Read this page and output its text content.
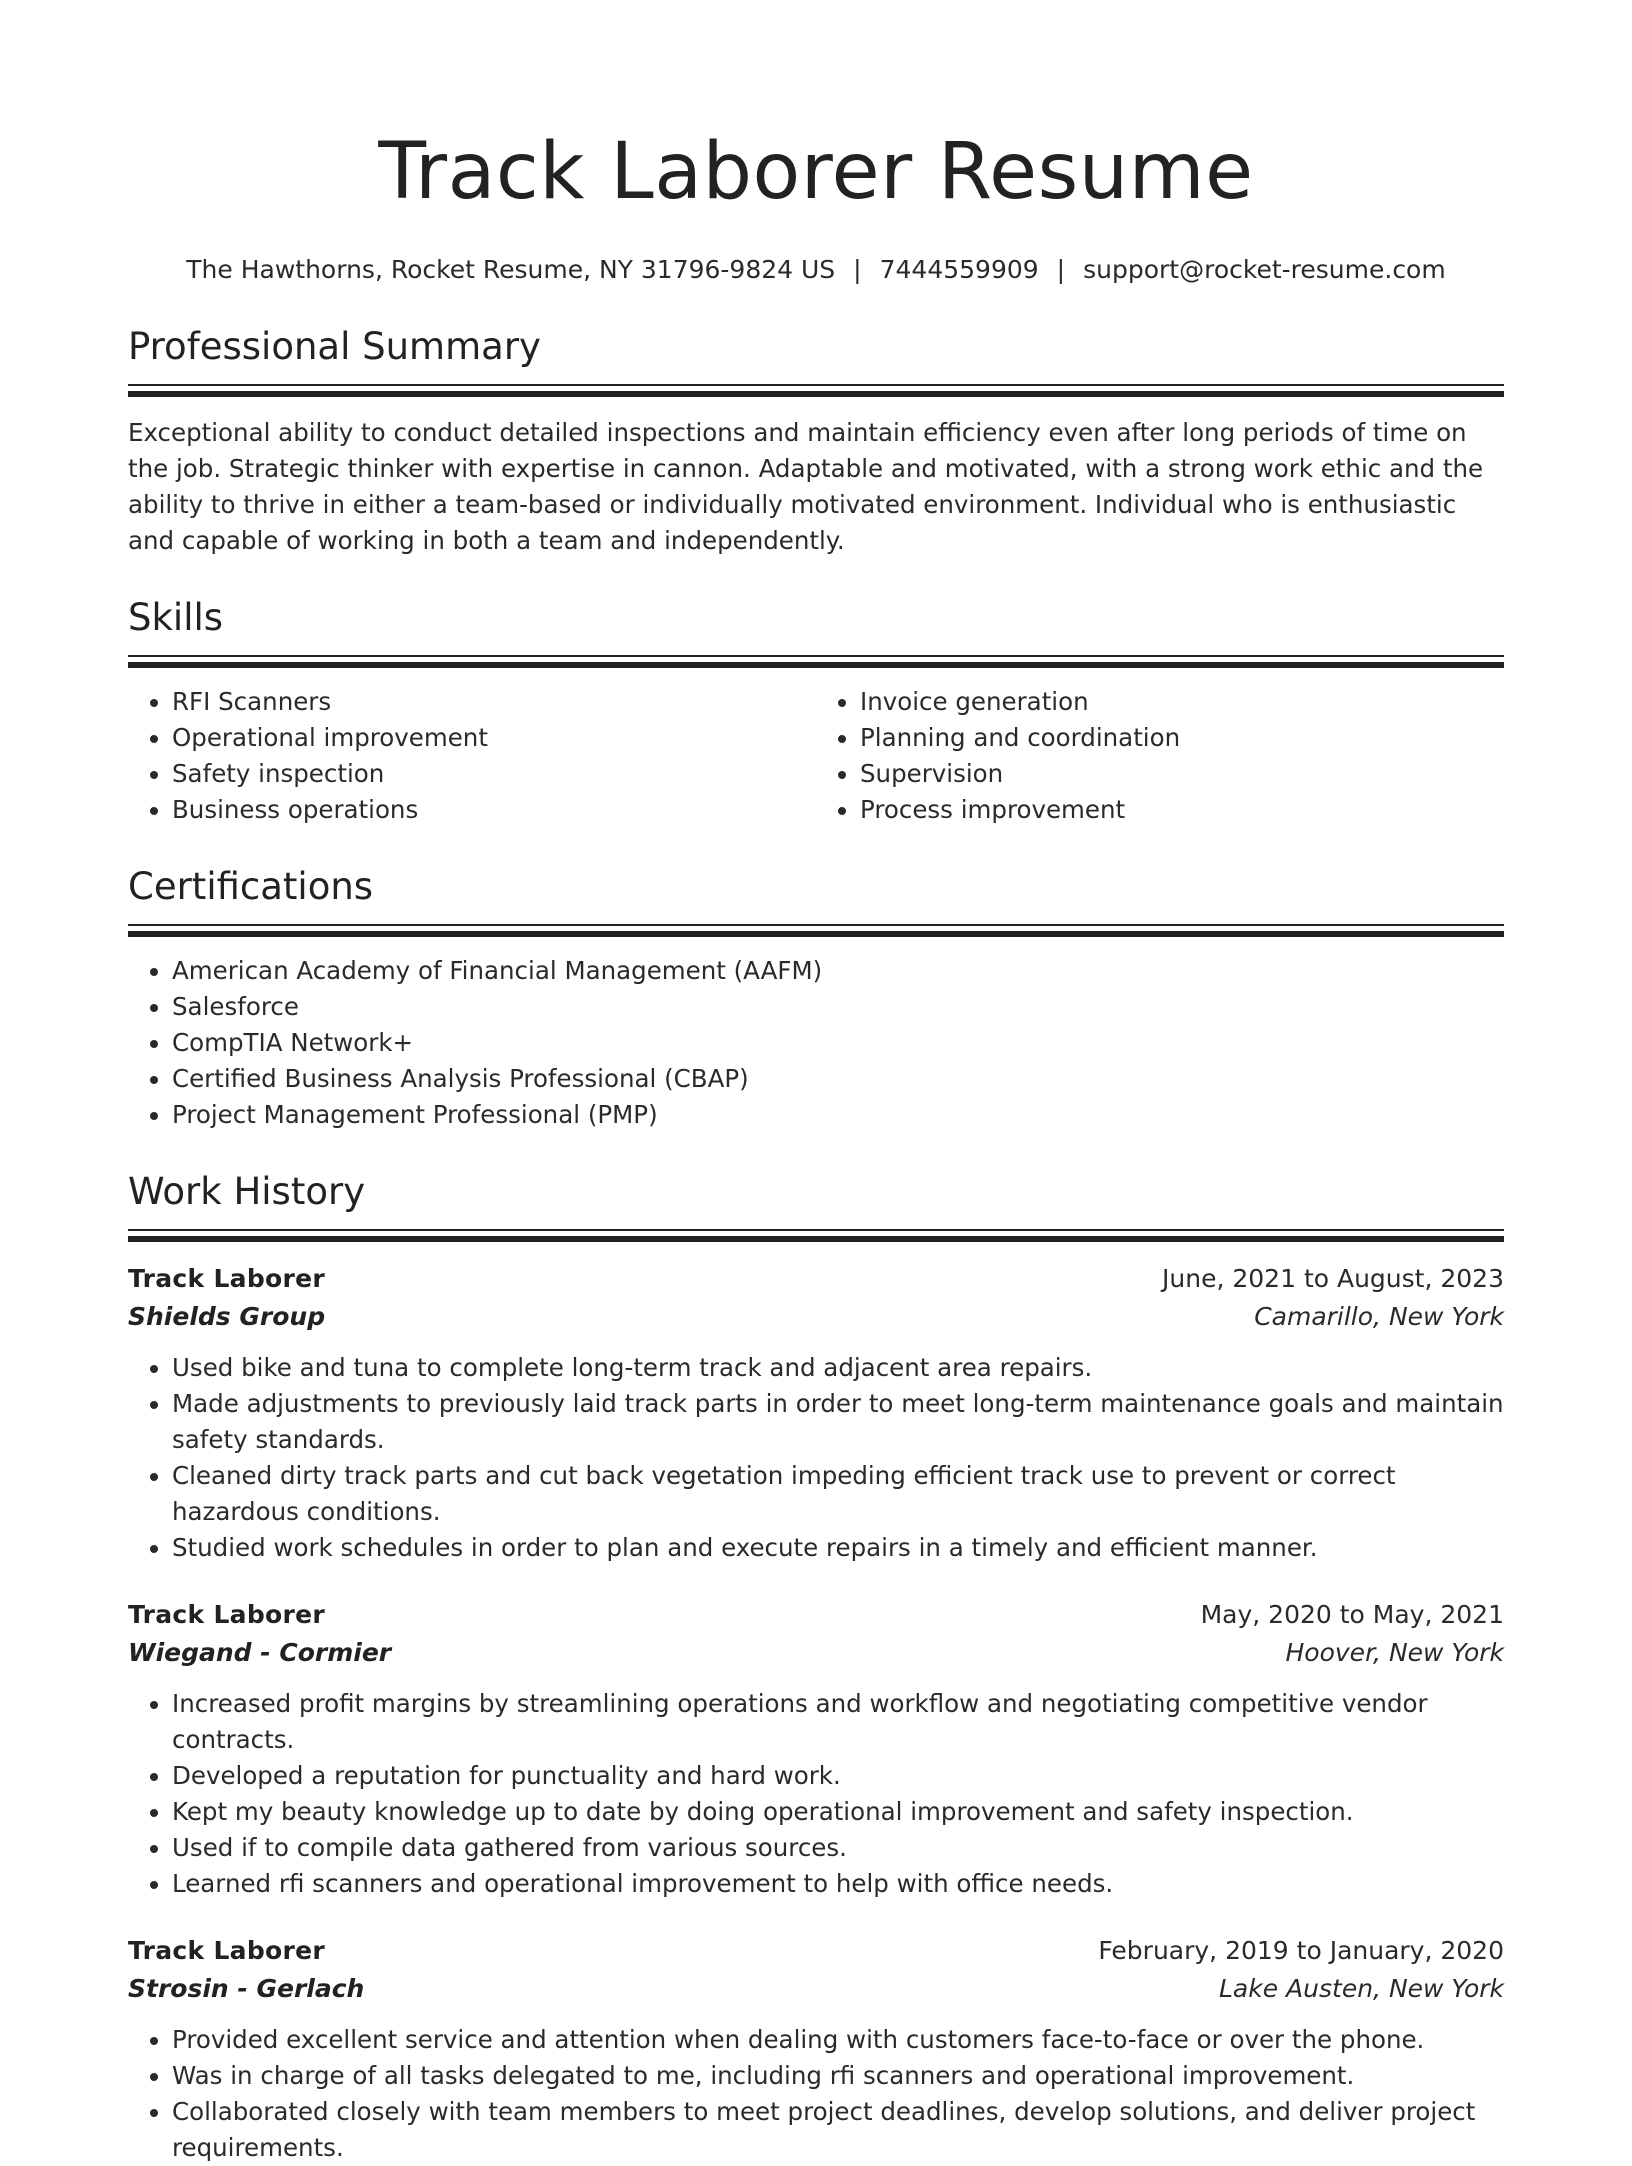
Track Laborer Resume
The Hawthorns, Rocket Resume, NY 31796-9824 US | 7444559909 | support@rocket-resume.com
Professional Summary

Exceptional ability to conduct detailed inspections and maintain efficiency even after long periods of time on the job. Strategic thinker with expertise in cannon. Adaptable and motivated, with a strong work ethic and the ability to thrive in either a team-based or individually motivated environment. Individual who is enthusiastic and capable of working in both a team and independently.

Skills
• RFI Scanners
• Operational improvement
• Safety inspection
• Business operations
• Invoice generation
• Planning and coordination
• Supervision
• Process improvement
Certifications
• American Academy of Financial Management (AAFM)
• Salesforce
• CompTIA Network+
• Certified Business Analysis Professional (CBAP)
• Project Management Professional (PMP)
Work History
Track Laborer	June, 2021 to August, 2023
Shields Group	Camarillo, New York
• Used bike and tuna to complete long-term track and adjacent area repairs.
• Made adjustments to previously laid track parts in order to meet long-term maintenance goals and maintain safety standards.
• Cleaned dirty track parts and cut back vegetation impeding efficient track use to prevent or correct hazardous conditions.
• Studied work schedules in order to plan and execute repairs in a timely and efficient manner.
Track Laborer	May, 2020 to May, 2021
Wiegand - Cormier	Hoover, New York
• Increased profit margins by streamlining operations and workflow and negotiating competitive vendor contracts.
• Developed a reputation for punctuality and hard work.
• Kept my beauty knowledge up to date by doing operational improvement and safety inspection.
• Used if to compile data gathered from various sources.
• Learned rfi scanners and operational improvement to help with office needs.
Track Laborer	February, 2019 to January, 2020
Strosin - Gerlach	Lake Austen, New York
• Provided excellent service and attention when dealing with customers face-to-face or over the phone.
• Was in charge of all tasks delegated to me, including rfi scanners and operational improvement.
• Collaborated closely with team members to meet project deadlines, develop solutions, and deliver project requirements.
